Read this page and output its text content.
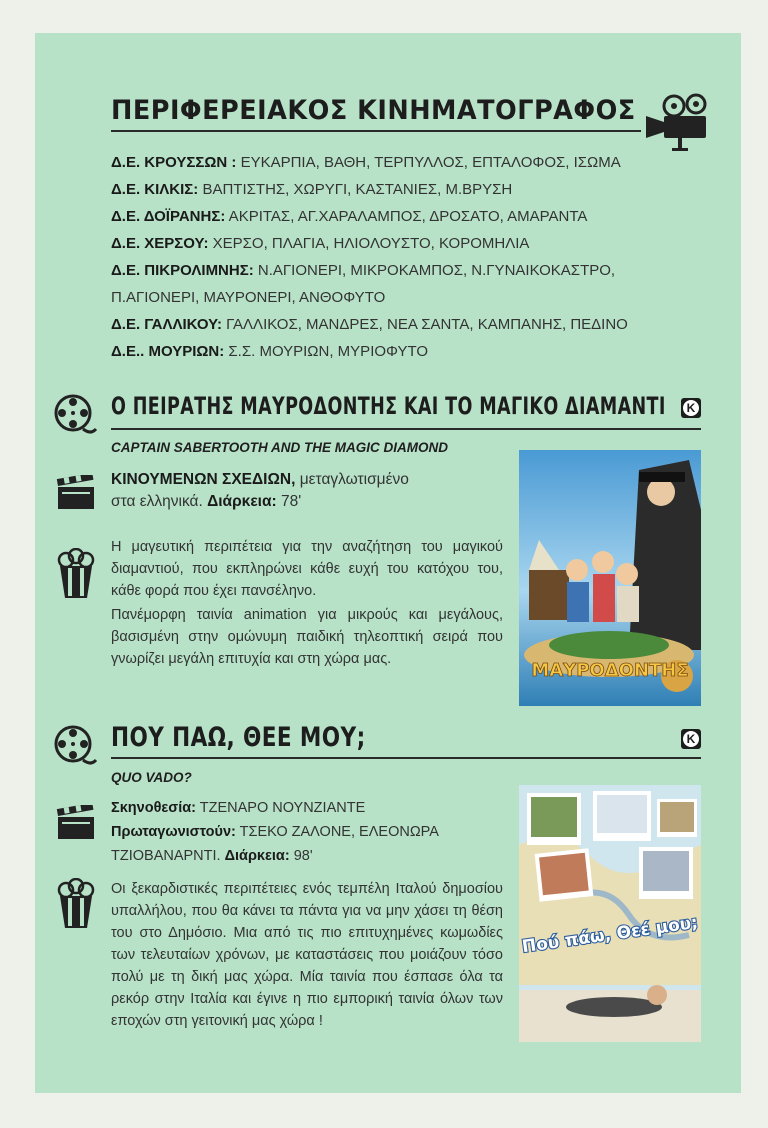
ΠΕΡΙΦΕΡΕΙΑΚΟΣ ΚΙΝΗΜΑΤΟΓΡΑΦΟΣ
Δ.Ε. ΚΡΟΥΣΣΩΝ : ΕΥΚΑΡΠΙΑ, ΒΑΘΗ, ΤΕΡΠΥΛΛΟΣ, ΕΠΤΑΛΟΦΟΣ, ΙΣΩΜΑ
Δ.Ε. ΚΙΛΚΙΣ: ΒΑΠΤΙΣΤΗΣ, ΧΩΡΥΓΙ, ΚΑΣΤΑΝΙΕΣ, Μ.ΒΡΥΣΗ
Δ.Ε. ΔΟΪΡΑΝΗΣ: ΑΚΡΙΤΑΣ, ΑΓ.ΧΑΡΑΛΑΜΠΟΣ, ΔΡΟΣΑΤΟ, ΑΜΑΡΑΝΤΑ
Δ.Ε. ΧΕΡΣΟΥ: ΧΕΡΣΟ, ΠΛΑΓΙΑ, ΗΛΙΟΛΟΥΣΤΟ, ΚΟΡΟΜΗΛΙΑ
Δ.Ε. ΠΙΚΡΟΛΙΜΝΗΣ: Ν.ΑΓΙΟΝΕΡΙ, ΜΙΚΡΟΚΑΜΠΟΣ, Ν.ΓΥΝΑΙΚΟΚΑΣΤΡΟ,
Π.ΑΓΙΟΝΕΡΙ, ΜΑΥΡΟΝΕΡΙ, ΑΝΘΟΦΥΤΟ
Δ.Ε. ΓΑΛΛΙΚΟΥ: ΓΑΛΛΙΚΟΣ, ΜΑΝΔΡΕΣ, ΝΕΑ ΣΑΝΤΑ, ΚΑΜΠΑΝΗΣ, ΠΕΔΙΝΟ
Δ.Ε.. ΜΟΥΡΙΩΝ: Σ.Σ. ΜΟΥΡΙΩΝ, ΜΥΡΙΟΦΥΤΟ
Ο ΠΕΙΡΑΤΗΣ ΜΑΥΡΟΔΟΝΤΗΣ ΚΑΙ ΤΟ ΜΑΓΙΚΟ ΔΙΑΜΑΝΤΙ	K
CAPTAIN SABERTOOTH AND THE MAGIC DIAMOND
ΚΙΝΟΥΜΕΝΩΝ ΣΧΕΔΙΩΝ, μεταγλωτισμένο
στα ελληνικά. Διάρκεια: 78'
Η μαγευτική περιπέτεια για την αναζήτηση του μαγικού διαμαντιού, που εκπληρώνει κάθε ευχή του κατόχου του, κάθε φορά που έχει πανσέληνο.
Πανέμορφη ταινία animation για μικρούς και μεγάλους, βασισμένη στην ομώνυμη παιδική τηλεοπτική σειρά που γνωρίζει μεγάλη επιτυχία και στη χώρα μας.
ΜΑΥΡΟΔΟΝΤΗΣ
ΠΟΥ ΠΑΩ, ΘΕΕ ΜΟΥ;	K
QUO VADO?
Σκηνοθεσία: ΤΖΕΝΑΡΟ ΝΟΥΝΖΙΑΝΤΕ
Πρωταγωνιστούν: ΤΣΕΚΟ ΖΑΛΟΝΕ, ΕΛΕΟΝΩΡΑ
ΤΖΙΟΒΑΝΑΡΝΤΙ. Διάρκεια: 98'
Οι ξεκαρδιστικές περιπέτειες ενός τεμπέλη Ιταλού δημοσίου υπαλλήλου, που θα κάνει τα πάντα για να μην χάσει τη θέση του στο Δημόσιο. Μια από τις πιο επιτυχημένες κωμωδίες των τελευταίων χρόνων, με καταστάσεις που μοιάζουν τόσο πολύ με τη δική μας χώρα. Μία ταινία που έσπασε όλα τα ρεκόρ στην Ιταλία και έγινε η πιο εμπορική ταινία όλων των εποχών στη γειτονική μας χώρα !
Πού πάω, Θεέ μου;
